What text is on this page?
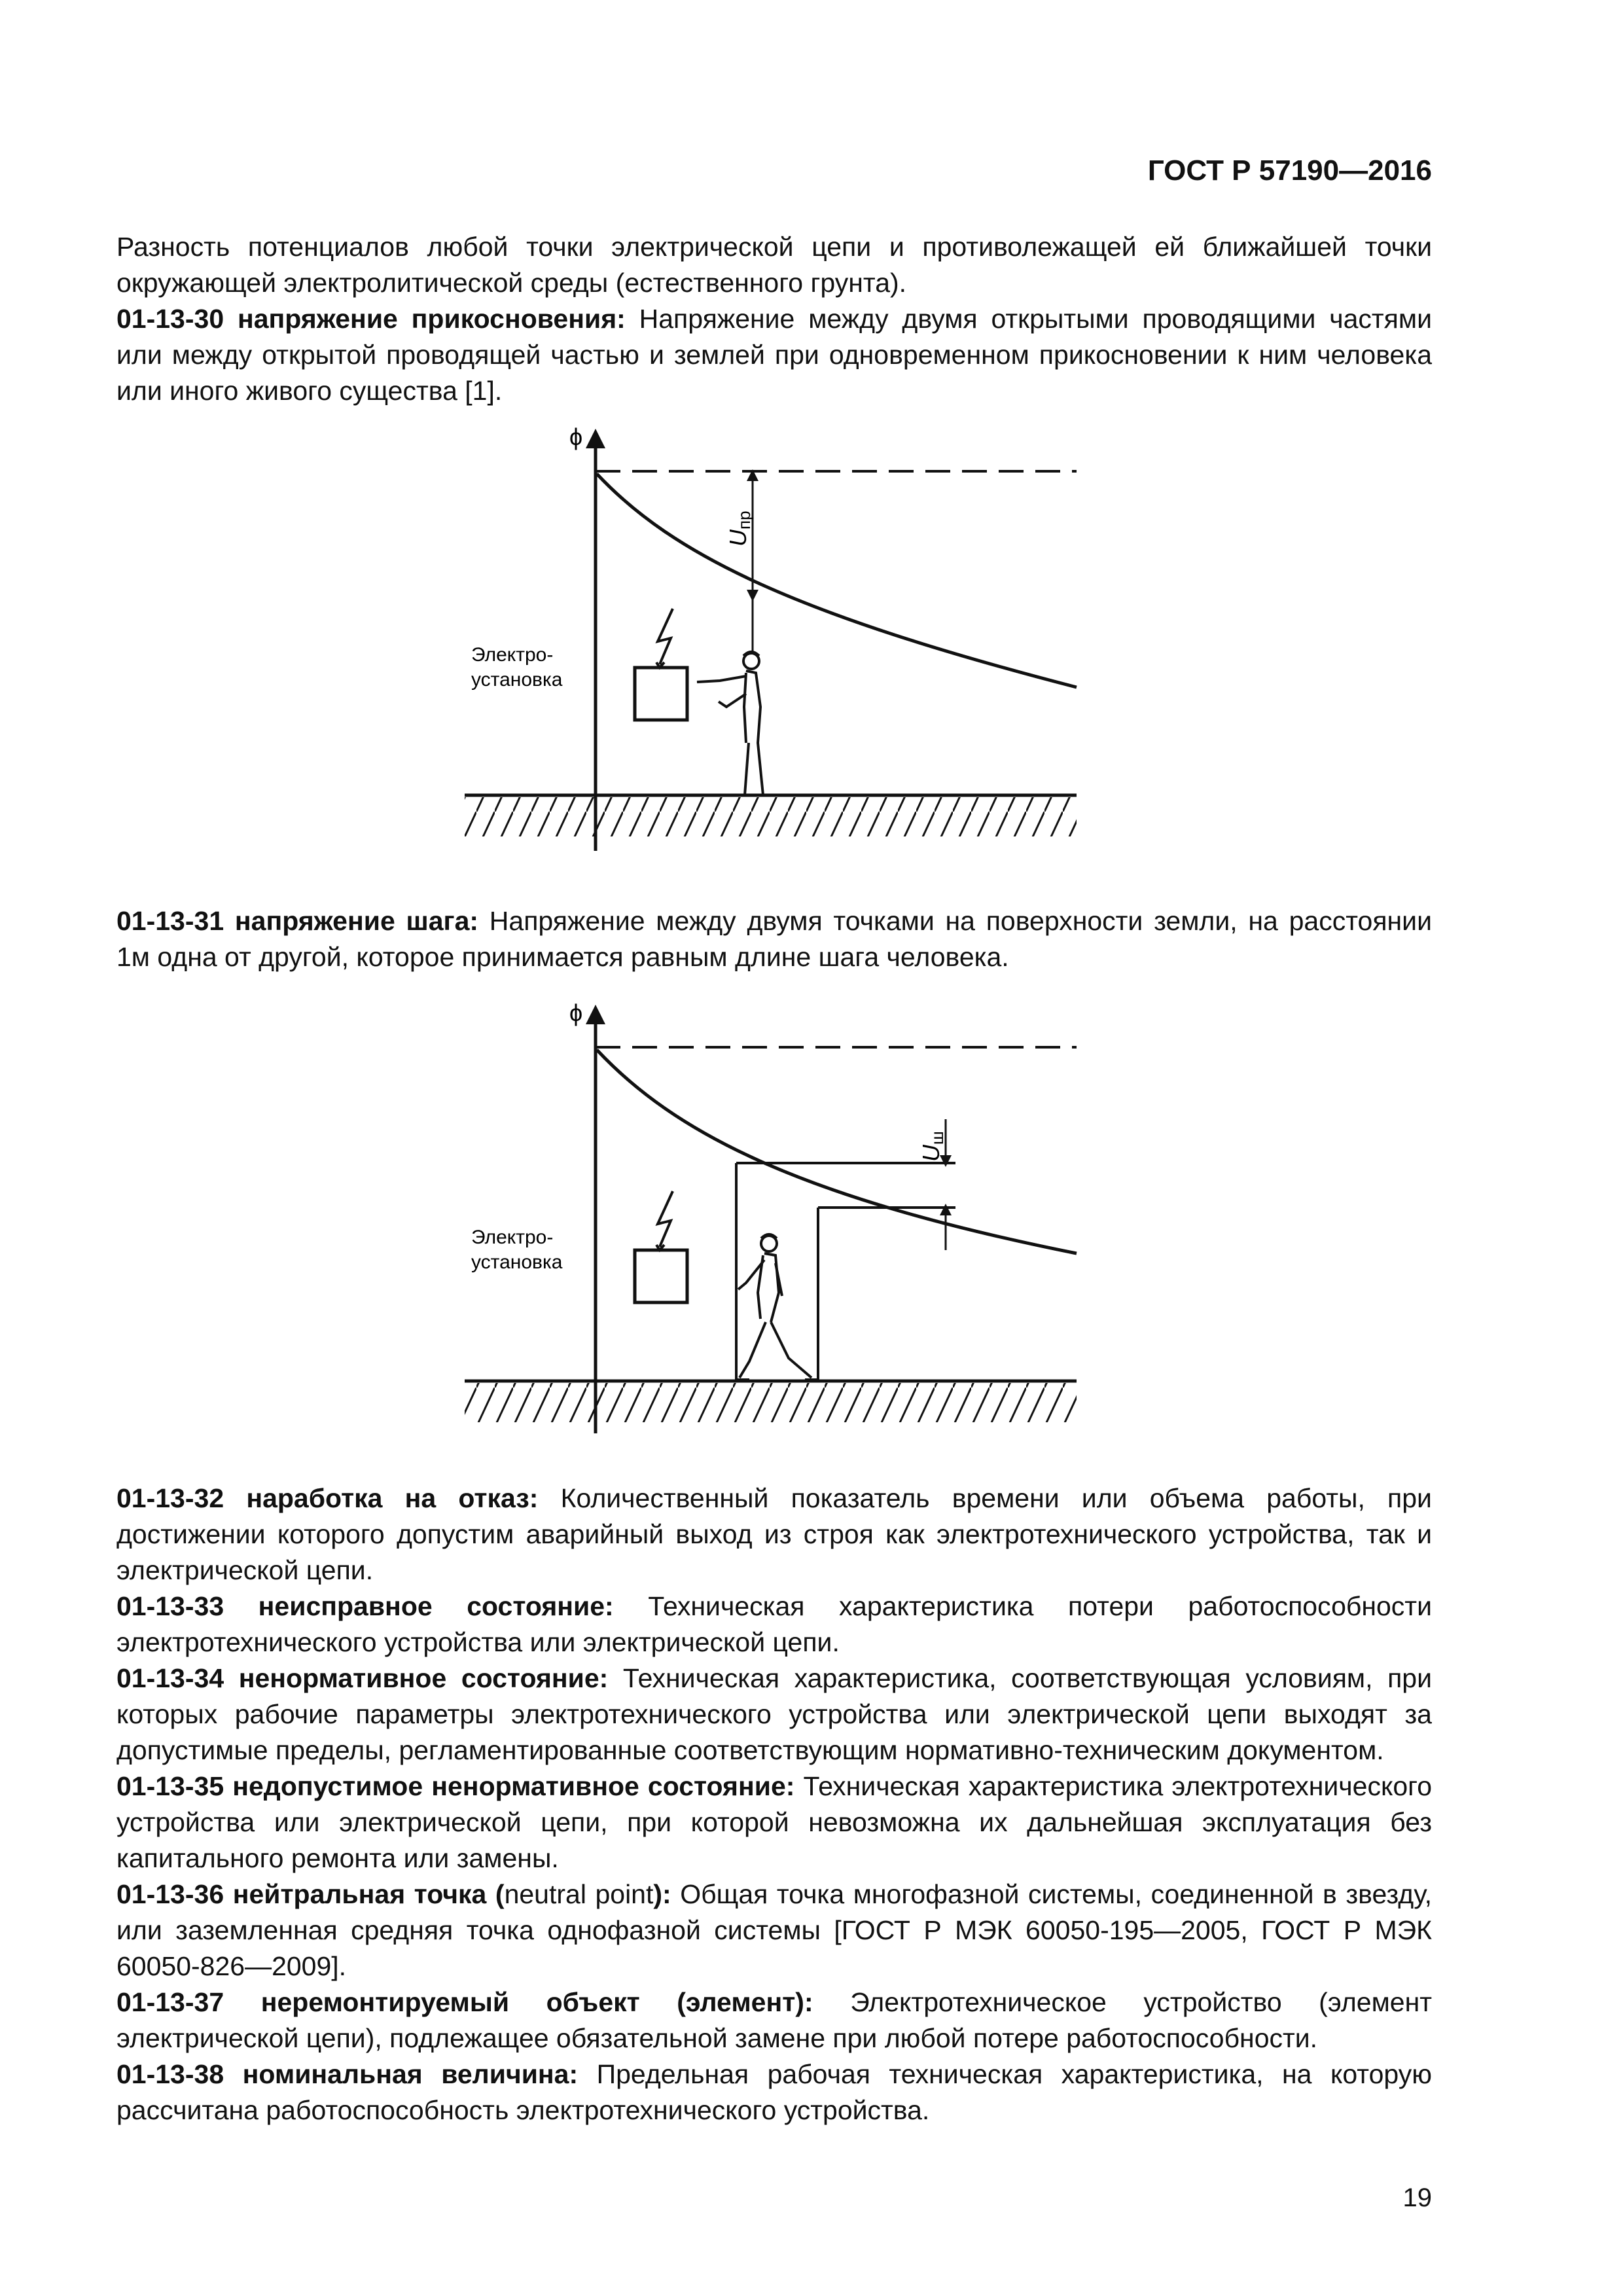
ГОСТ Р 57190—2016

Разность потенциалов любой точки электрической цепи и противолежащей ей ближайшей точки окружающей электролитической среды (естественного грунта).

01-13-30 напряжение прикосновения: Напряжение между двумя открытыми проводящими частями или между открытой проводящей частью и землей при одновременном прикосновении к ним человека или иного живого существа [1].

ϕ
Uпр
Электро-
установка

01-13-31 напряжение шага: Напряжение между двумя точками на поверхности земли, на расстоянии 1м одна от другой, которое принимается равным длине шага человека.

ϕ
Uш
Электро-
установка

01-13-32 наработка на отказ: Количественный показатель времени или объема работы, при достижении которого допустим аварийный выход из строя как электротехнического устройства, так и электрической цепи.

01-13-33 неисправное состояние: Техническая характеристика потери работоспособности электротехнического устройства или электрической цепи.

01-13-34 ненормативное состояние: Техническая характеристика, соответствующая условиям, при которых рабочие параметры электротехнического устройства или электрической цепи выходят за допустимые пределы, регламентированные соответствующим нормативно-техническим документом.

01-13-35 недопустимое ненормативное состояние: Техническая характеристика электротехнического устройства или электрической цепи, при которой невозможна их дальнейшая эксплуатация без капитального ремонта или замены.

01-13-36 нейтральная точка (neutral point): Общая точка многофазной системы, соединенной в звезду, или заземленная средняя точка однофазной системы [ГОСТ Р МЭК 60050-195—2005, ГОСТ Р МЭК 60050-826—2009].

01-13-37 неремонтируемый объект (элемент): Электротехническое устройство (элемент электрической цепи), подлежащее обязательной замене при любой потере работоспособности.

01-13-38 номинальная величина: Предельная рабочая техническая характеристика, на которую рассчитана работоспособность электротехнического устройства.

19
